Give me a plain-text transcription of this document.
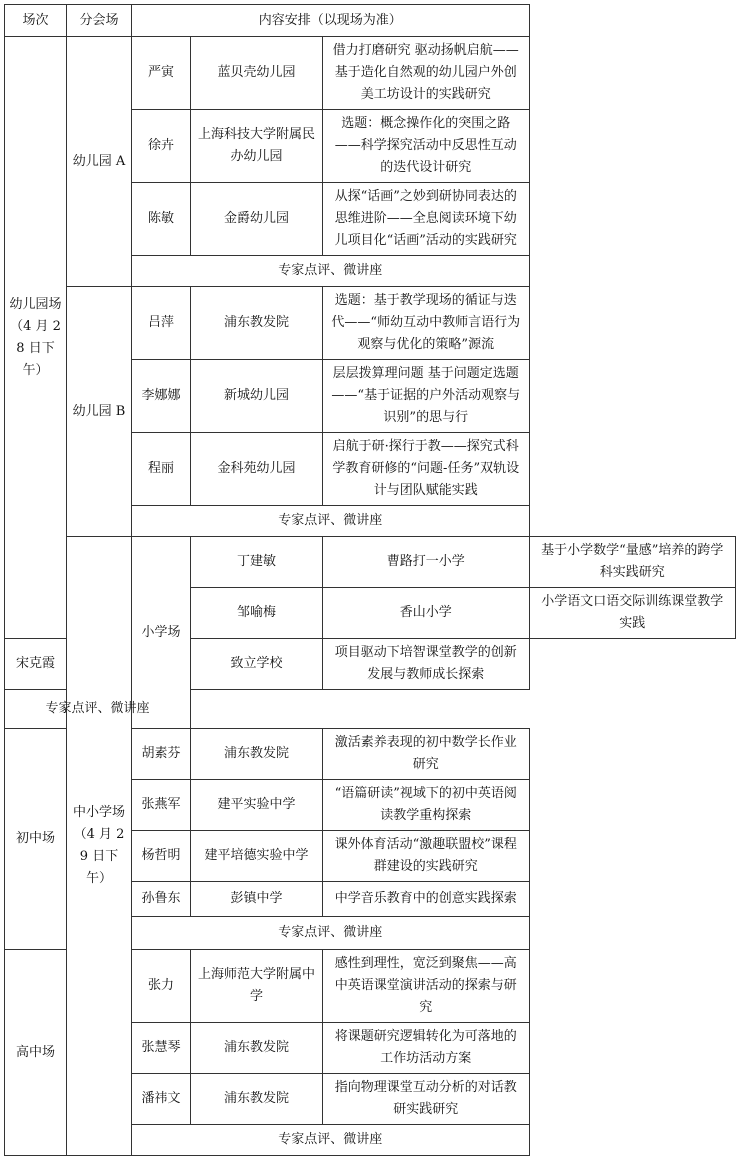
场次	分会场	内容安排（以现场为准）			
幼儿园场（4 月 28 日下午）	幼儿园 A	严寅	蓝贝壳幼儿园	借力打磨研究 驱动扬帆启航——基于造化自然观的幼儿园户外创美工坊设计的实践研究	
		徐卉	上海科技大学附属民办幼儿园	选题：概念操作化的突围之路——科学探究活动中反思性互动的迭代设计研究	
		陈敏	金爵幼儿园	从探“话画”之妙到研协同表达的思维进阶——全息阅读环境下幼儿项目化“话画”活动的实践研究	
		专家点评、微讲座			
	幼儿园 B	吕萍	浦东教发院	选题：基于教学现场的循证与迭代——“师幼互动中教师言语行为观察与优化的策略”源流	
		李娜娜	新城幼儿园	层层拨算理问题 基于问题定选题 ——“基于证据的户外活动观察与识别”的思与行	
		程丽	金科苑幼儿园	启航于研·探行于教——探究式科学教育研修的“问题-任务”双轨设计与团队赋能实践	
		专家点评、微讲座			
	中小学场（4 月 29 日下午）	小学场	丁建敏	曹路打一小学	基于小学数学“量感”培养的跨学科实践研究
			邹喻梅	香山小学	小学语文口语交际训练课堂教学实践
宋克霞			致立学校	项目驱动下培智课堂教学的创新发展与教师成长探索	
专家点评、微讲座					
初中场		胡素芬	浦东教发院	激活素养表现的初中数学长作业研究	
		张燕军	建平实验中学	“语篇研读”视域下的初中英语阅读教学重构探索	
		杨哲明	建平培德实验中学	课外体育活动“激趣联盟校”课程群建设的实践研究	
		孙鲁东	彭镇中学	中学音乐教育中的创意实践探索	
		专家点评、微讲座			
高中场		张力	上海师范大学附属中学	感性到理性，宽泛到聚焦——高中英语课堂演讲活动的探索与研究	
		张慧琴	浦东教发院	将课题研究逻辑转化为可落地的工作坊活动方案	
		潘祎文	浦东教发院	指向物理课堂互动分析的对话教研实践研究	
		专家点评、微讲座			
